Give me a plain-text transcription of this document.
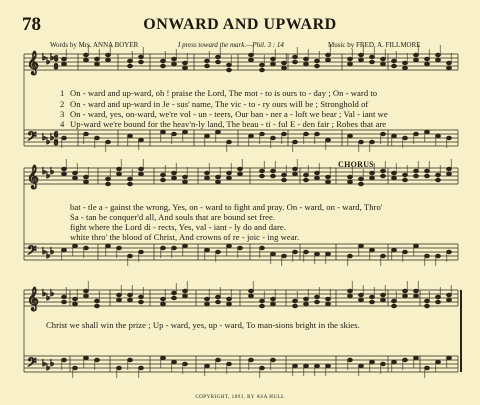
𝄞
𝄢
♭
♭
♭
♭
♭
♭
𝄞
𝄢
♭
♭
♭
♭
♭
♭
𝄞
𝄢
♭
♭
♭
♭
♭
♭
6
8
6
8
78	ONWARD AND UPWARD
Words by Mrs. ANNA BOYER	I press toward the mark.—Phil. 3 : 14	Music by FRED. A. FILLMORE
1 On - ward and up-ward, oh ! praise the Lord, The mot - to is ours to - day ; On - ward to
2 On - ward and up-ward in Je - sus' name, The vic - to - ry ours will be ; Stronghold of
3 On - ward, yes, on-ward, we're vol - un - teers, Our ban - ner a - loft we bear ; Val - iant we
4 Up-ward we're bound for the heav'n-ly land, The beau - ti - ful E - den fair ; Robes that are
CHORUS
bat - tle a - gainst the wrong, Yes, on - ward to fight and pray. On - ward, on - ward, Thro'
Sa - tan be conquer'd all, And souls that are bound set free.
fight where the Lord di - rects, Yes, val - iant - ly do and dare.
white thro' the blood of Christ, And crowns of re - joic - ing wear.
Christ we shall win the prize ; Up - ward, yes, up - ward, To man-sions bright in the skies.
COPYRIGHT, 1893, BY ASA HULL
